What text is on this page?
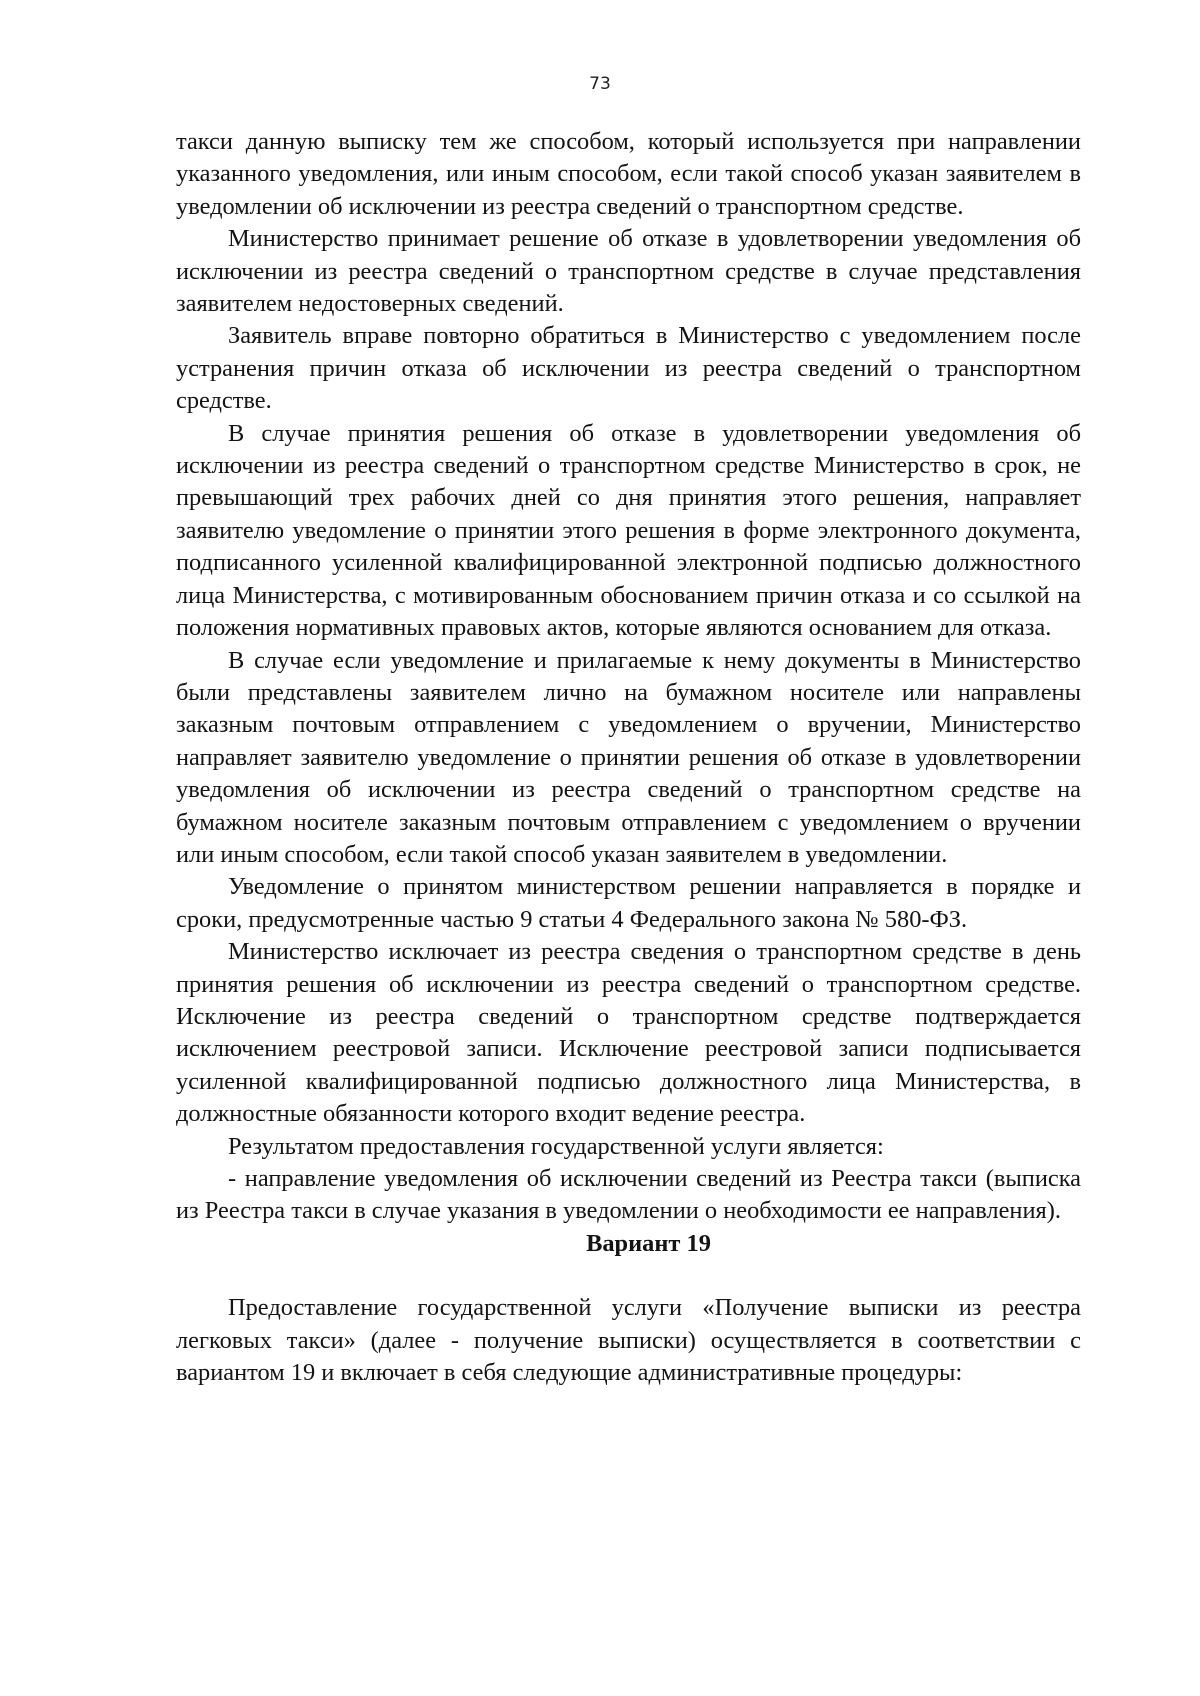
73

такси данную выписку тем же способом, который используется при направлении указанного уведомления, или иным способом, если такой способ указан заявителем в уведомлении об исключении из реестра сведений о транспортном средстве.

Министерство принимает решение об отказе в удовлетворении уведомления об исключении из реестра сведений о транспортном средстве в случае представления заявителем недостоверных сведений.

Заявитель вправе повторно обратиться в Министерство с уведомлением после устранения причин отказа об исключении из реестра сведений о транспортном средстве.

В случае принятия решения об отказе в удовлетворении уведомления об исключении из реестра сведений о транспортном средстве Министерство в срок, не превышающий трех рабочих дней со дня принятия этого решения, направляет заявителю уведомление о принятии этого решения в форме электронного документа, подписанного усиленной квалифицированной электронной подписью должностного лица Министерства, с мотивированным обоснованием причин отказа и со ссылкой на положения нормативных правовых актов, которые являются основанием для отказа.

В случае если уведомление и прилагаемые к нему документы в Министерство были представлены заявителем лично на бумажном носителе или направлены заказным почтовым отправлением с уведомлением о вручении, Министерство направляет заявителю уведомление о принятии решения об отказе в удовлетворении уведомления об исключении из реестра сведений о транспортном средстве на бумажном носителе заказным почтовым отправлением с уведомлением о вручении или иным способом, если такой способ указан заявителем в уведомлении.

Уведомление о принятом министерством решении направляется в порядке и сроки, предусмотренные частью 9 статьи 4 Федерального закона № 580-ФЗ.

Министерство исключает из реестра сведения о транспортном средстве в день принятия решения об исключении из реестра сведений о транспортном средстве. Исключение из реестра сведений о транспортном средстве подтверждается исключением реестровой записи. Исключение реестровой записи подписывается усиленной квалифицированной подписью должностного лица Министерства, в должностные обязанности которого входит ведение реестра.

Результатом предоставления государственной услуги является:

- направление уведомления об исключении сведений из Реестра такси (выписка из Реестра такси в случае указания в уведомлении о необходимости ее направления).

Вариант 19

Предоставление государственной услуги «Получение выписки из реестра легковых такси» (далее - получение выписки) осуществляется в соответствии с вариантом 19 и включает в себя следующие административные процедуры:
